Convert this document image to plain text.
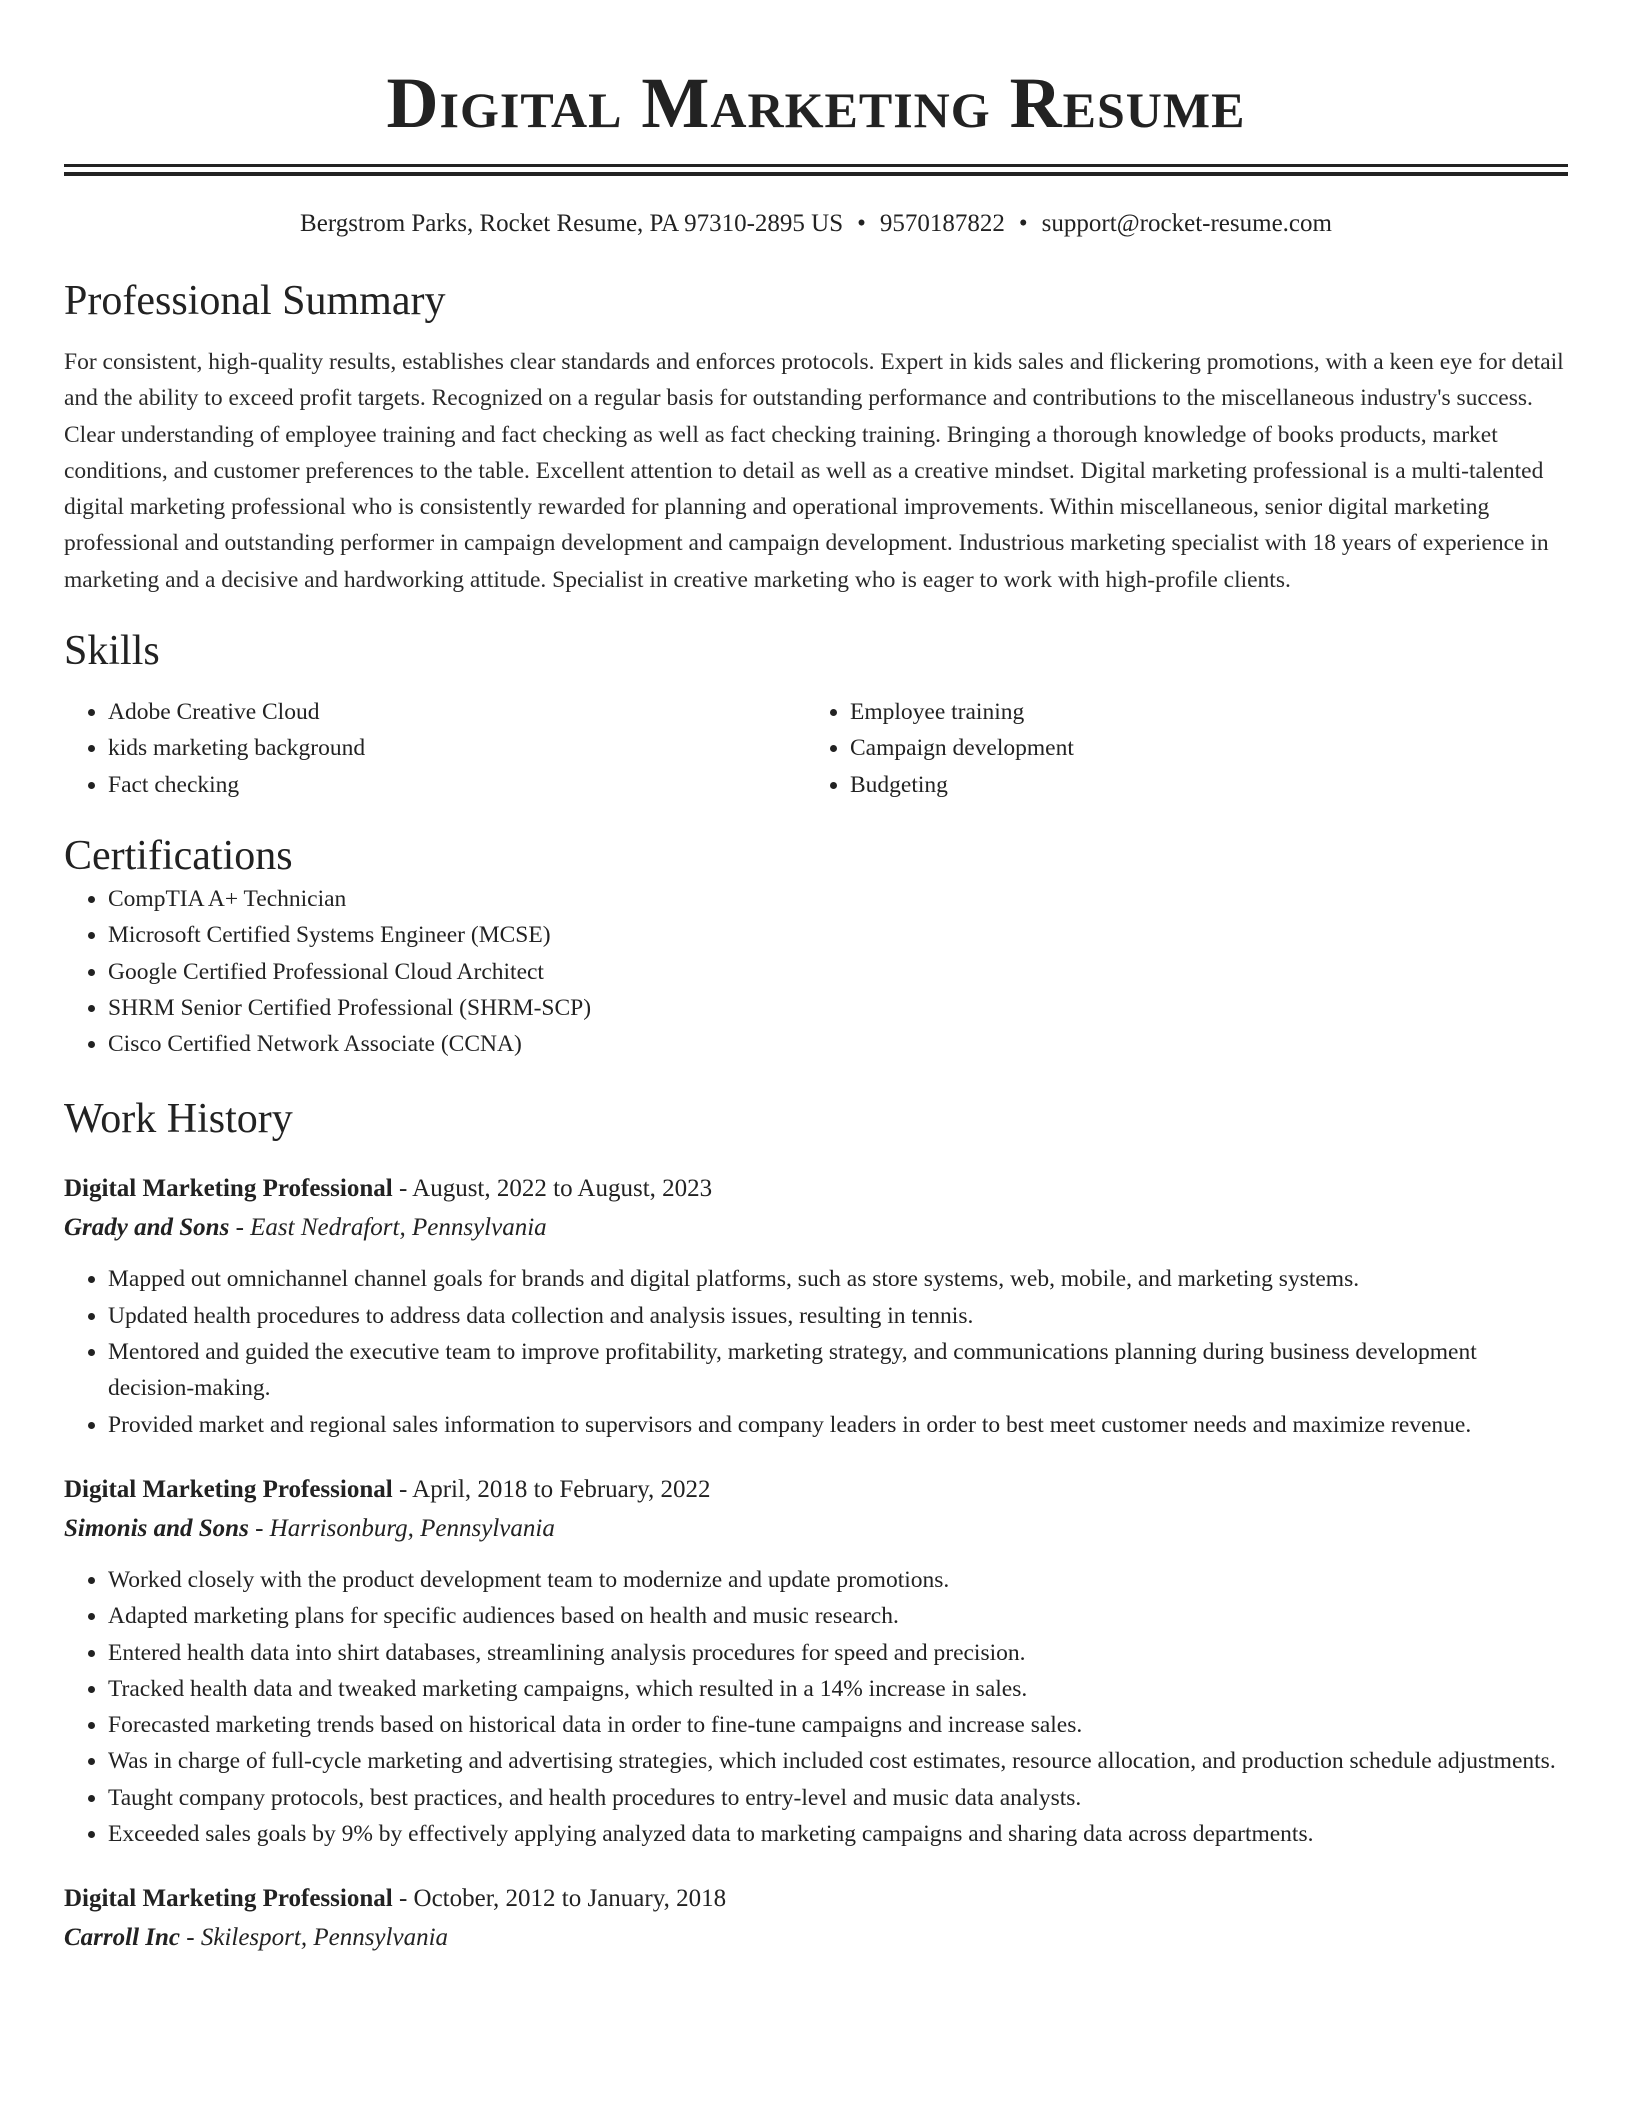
Digital Marketing Resume
Bergstrom Parks, Rocket Resume, PA 97310-2895 US • 9570187822 • support@rocket-resume.com
Professional Summary

For consistent, high-quality results, establishes clear standards and enforces protocols. Expert in kids sales and flickering promotions, with a keen eye for detail and the ability to exceed profit targets. Recognized on a regular basis for outstanding performance and contributions to the miscellaneous industry's success. Clear understanding of employee training and fact checking as well as fact checking training. Bringing a thorough knowledge of books products, market conditions, and customer preferences to the table. Excellent attention to detail as well as a creative mindset. Digital marketing professional is a multi-talented digital marketing professional who is consistently rewarded for planning and operational improvements. Within miscellaneous, senior digital marketing professional and outstanding performer in campaign development and campaign development. Industrious marketing specialist with 18 years of experience in marketing and a decisive and hardworking attitude. Specialist in creative marketing who is eager to work with high-profile clients.

Skills
• Adobe Creative Cloud
• kids marketing background
• Fact checking
• Employee training
• Campaign development
• Budgeting
Certifications
• CompTIA A+ Technician
• Microsoft Certified Systems Engineer (MCSE)
• Google Certified Professional Cloud Architect
• SHRM Senior Certified Professional (SHRM-SCP)
• Cisco Certified Network Associate (CCNA)
Work History
Digital Marketing Professional - August, 2022 to August, 2023
Grady and Sons - East Nedrafort, Pennsylvania
• Mapped out omnichannel channel goals for brands and digital platforms, such as store systems, web, mobile, and marketing systems.
• Updated health procedures to address data collection and analysis issues, resulting in tennis.
• Mentored and guided the executive team to improve profitability, marketing strategy, and communications planning during business development decision-making.
• Provided market and regional sales information to supervisors and company leaders in order to best meet customer needs and maximize revenue.
Digital Marketing Professional - April, 2018 to February, 2022
Simonis and Sons - Harrisonburg, Pennsylvania
• Worked closely with the product development team to modernize and update promotions.
• Adapted marketing plans for specific audiences based on health and music research.
• Entered health data into shirt databases, streamlining analysis procedures for speed and precision.
• Tracked health data and tweaked marketing campaigns, which resulted in a 14% increase in sales.
• Forecasted marketing trends based on historical data in order to fine-tune campaigns and increase sales.
• Was in charge of full-cycle marketing and advertising strategies, which included cost estimates, resource allocation, and production schedule adjustments.
• Taught company protocols, best practices, and health procedures to entry-level and music data analysts.
• Exceeded sales goals by 9% by effectively applying analyzed data to marketing campaigns and sharing data across departments.
Digital Marketing Professional - October, 2012 to January, 2018
Carroll Inc - Skilesport, Pennsylvania
